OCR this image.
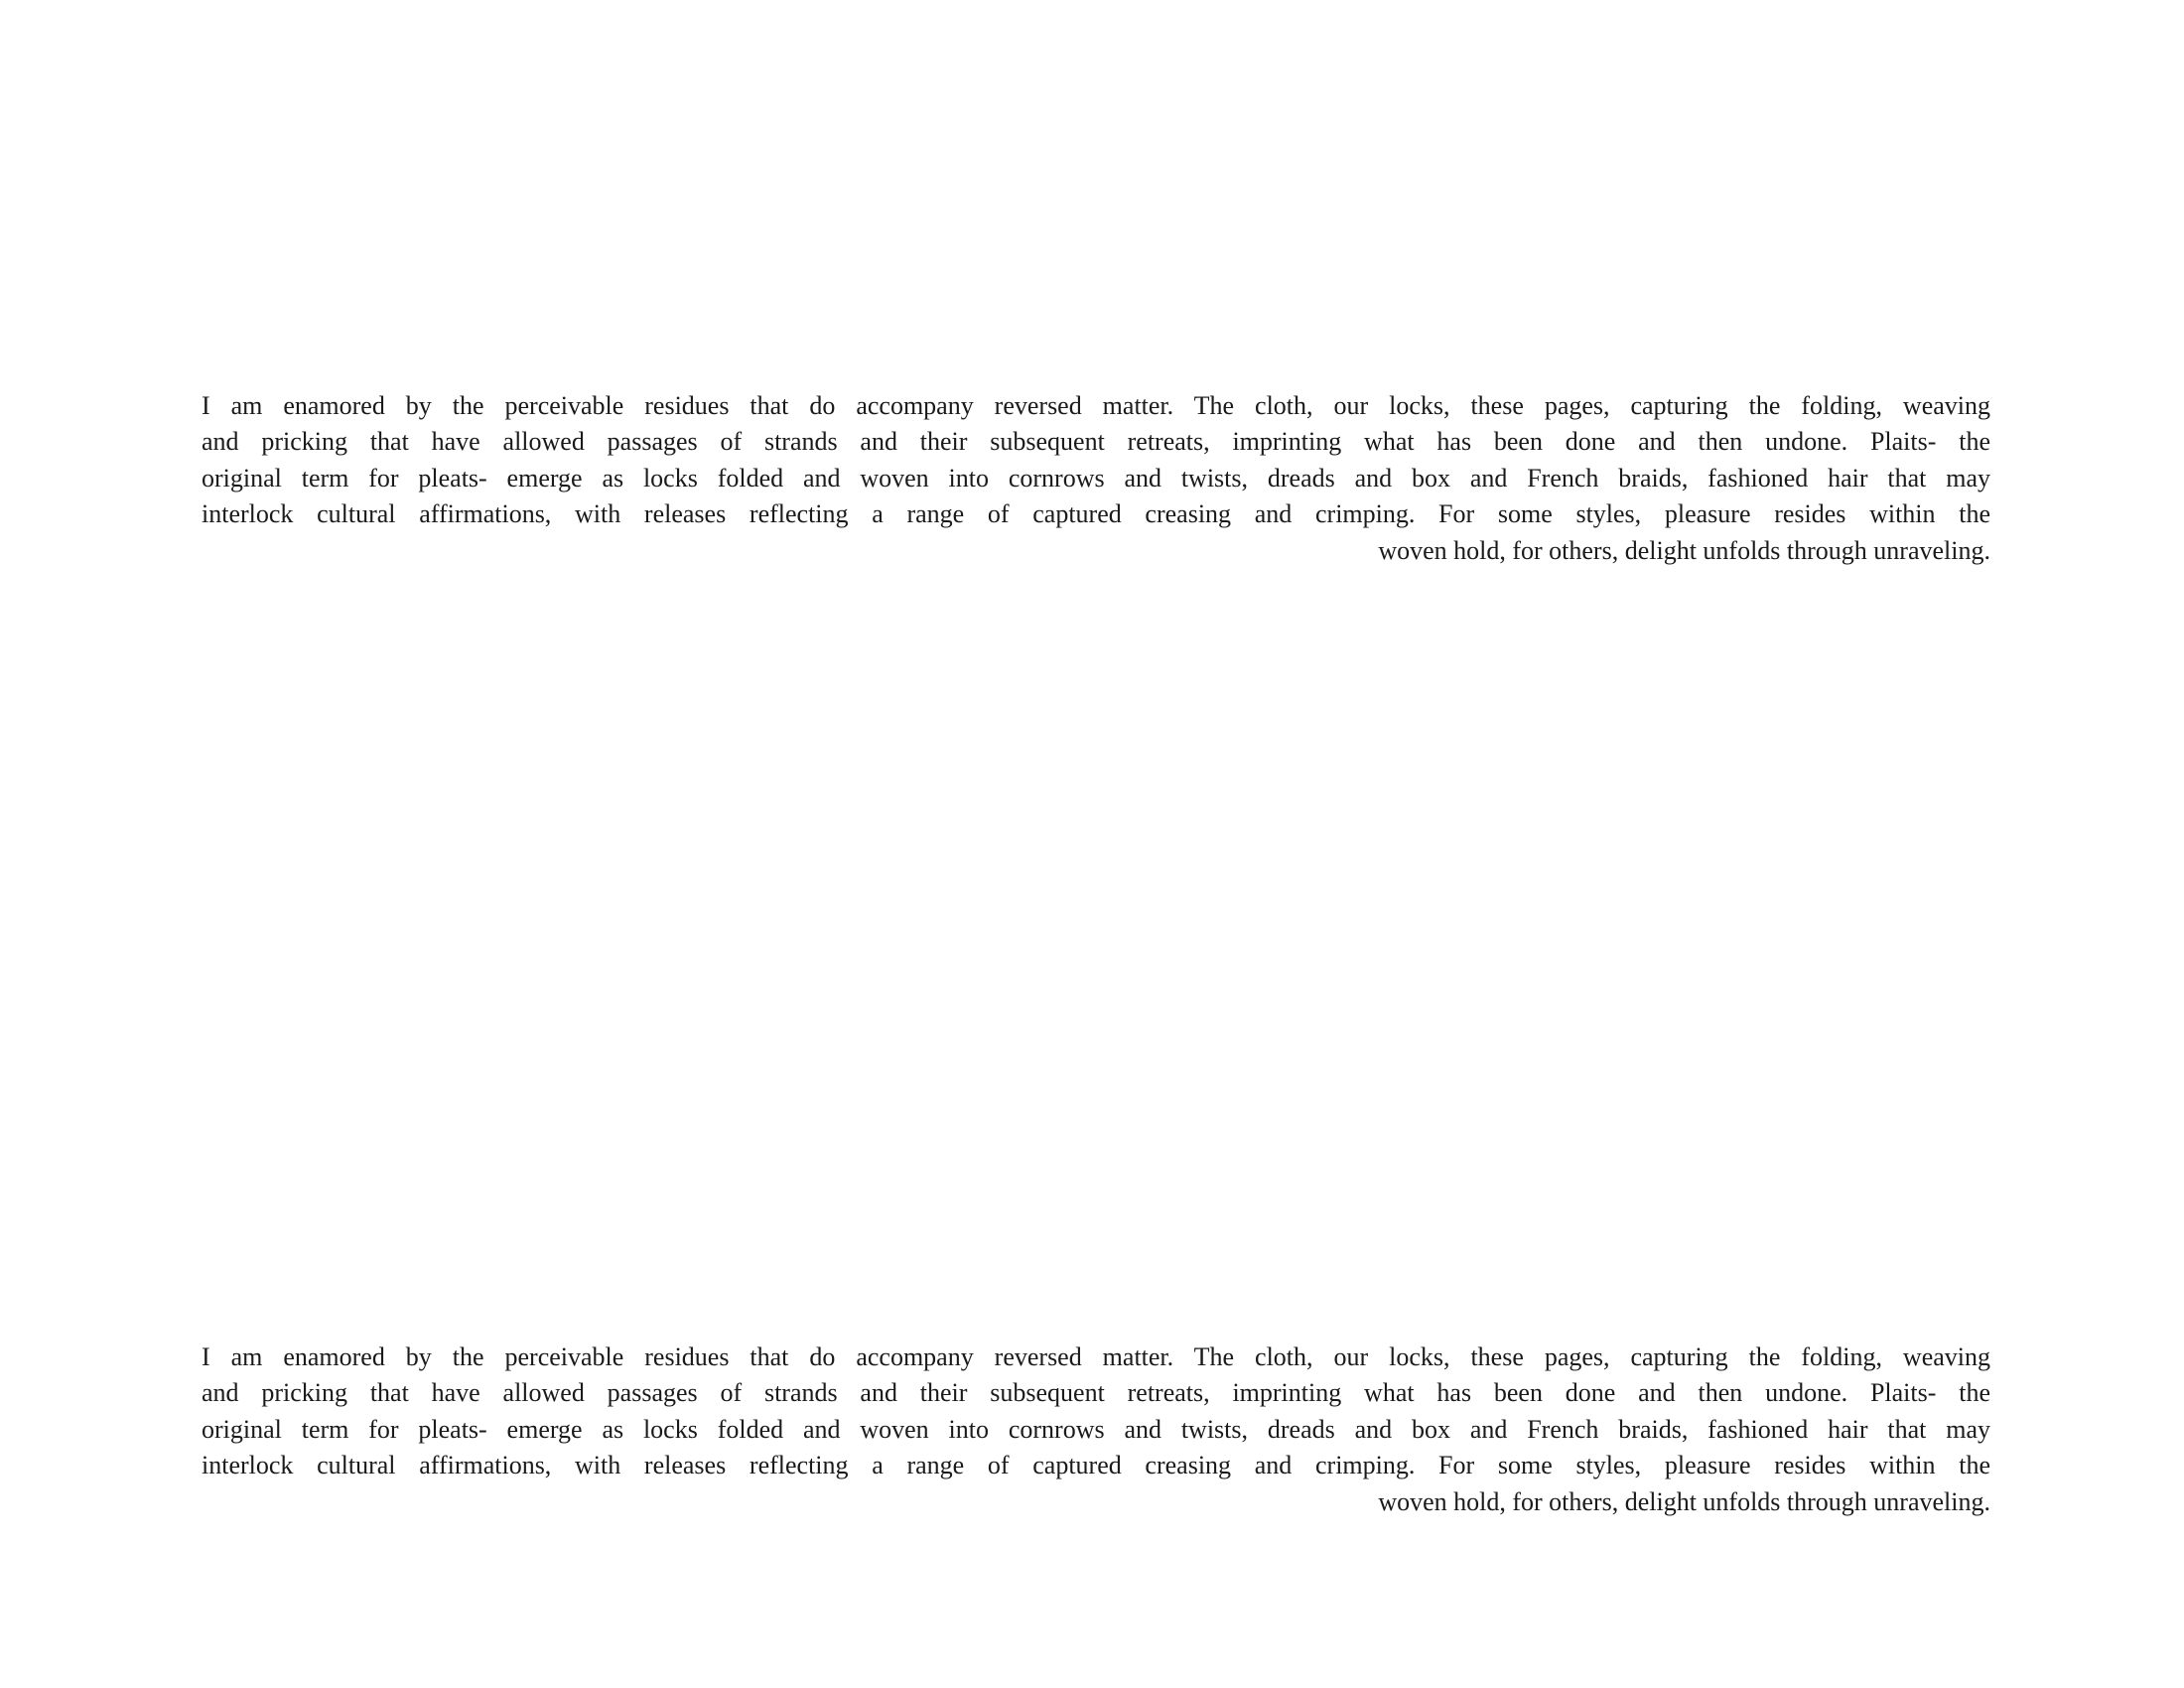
I am enamored by the perceivable residues that do accompany reversed matter. The cloth, our locks, these pages, capturing the folding, weaving
and pricking that have allowed passages of strands and their subsequent retreats, imprinting what has been done and then undone. Plaits- the
original term for pleats- emerge as locks folded and woven into cornrows and twists, dreads and box and French braids, fashioned hair that may
interlock cultural affirmations, with releases reflecting a range of captured creasing and crimping. For some styles, pleasure resides within the
woven hold, for others, delight unfolds through unraveling.
I am enamored by the perceivable residues that do accompany reversed matter. The cloth, our locks, these pages, capturing the folding, weaving
and pricking that have allowed passages of strands and their subsequent retreats, imprinting what has been done and then undone. Plaits- the
original term for pleats- emerge as locks folded and woven into cornrows and twists, dreads and box and French braids, fashioned hair that may
interlock cultural affirmations, with releases reflecting a range of captured creasing and crimping. For some styles, pleasure resides within the
woven hold, for others, delight unfolds through unraveling.
